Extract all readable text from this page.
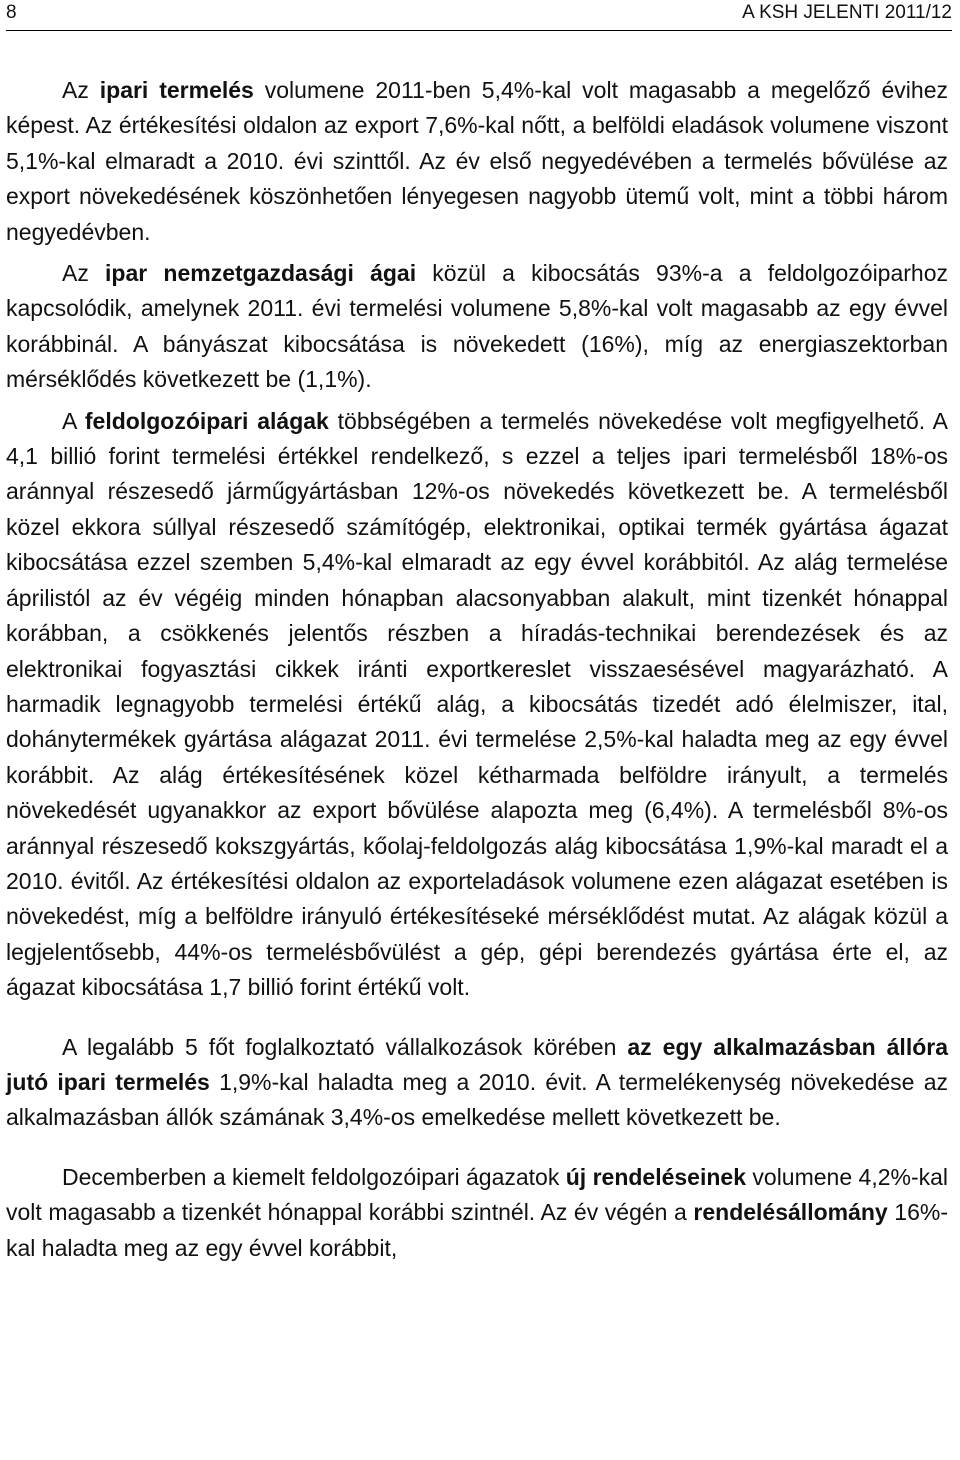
8	A KSH JELENTI 2011/12

Az ipari termelés volumene 2011-ben 5,4%-kal volt magasabb a megelőző évihez képest. Az értékesítési oldalon az export 7,6%-kal nőtt, a belföldi eladások volumene viszont 5,1%-kal elmaradt a 2010. évi szinttől. Az év első negyedévében a termelés bővülése az export növekedésének köszönhetően lényegesen nagyobb ütemű volt, mint a többi három negyedévben.

Az ipar nemzetgazdasági ágai közül a kibocsátás 93%-a a feldolgozóiparhoz kapcsolódik, amelynek 2011. évi termelési volumene 5,8%-kal volt magasabb az egy évvel korábbinál. A bányászat kibocsátása is növekedett (16%), míg az energiaszektorban mérséklődés következett be (1,1%).

A feldolgozóipari alágak többségében a termelés növekedése volt megfigyelhető. A 4,1 billió forint termelési értékkel rendelkező, s ezzel a teljes ipari termelésből 18%-os aránnyal részesedő járműgyártásban 12%-os növekedés következett be. A termelésből közel ekkora súllyal részesedő számítógép, elektronikai, optikai termék gyártása ágazat kibocsátása ezzel szemben 5,4%-kal elmaradt az egy évvel korábbitól. Az alág termelése áprilistól az év végéig minden hónapban alacsonyabban alakult, mint tizenkét hónappal korábban, a csökkenés jelentős részben a híradás-technikai berendezések és az elektronikai fogyasztási cikkek iránti exportkereslet visszaesésével magyarázható. A harmadik legnagyobb termelési értékű alág, a kibocsátás tizedét adó élelmiszer, ital, dohánytermékek gyártása alágazat 2011. évi termelése 2,5%-kal haladta meg az egy évvel korábbit. Az alág értékesítésének közel kétharmada belföldre irányult, a termelés növekedését ugyanakkor az export bővülése alapozta meg (6,4%). A termelésből 8%-os aránnyal részesedő kokszgyártás, kőolaj-feldolgozás alág kibocsátása 1,9%-kal maradt el a 2010. évitől. Az értékesítési oldalon az exporteladások volumene ezen alágazat esetében is növekedést, míg a belföldre irányuló értékesítéseké mérséklődést mutat. Az alágak közül a legjelentősebb, 44%-os termelésbővülést a gép, gépi berendezés gyártása érte el, az ágazat kibocsátása 1,7 billió forint értékű volt.

A legalább 5 főt foglalkoztató vállalkozások körében az egy alkalmazásban állóra jutó ipari termelés 1,9%-kal haladta meg a 2010. évit. A termelékenység növekedése az alkalmazásban állók számának 3,4%-os emelkedése mellett következett be.

Decemberben a kiemelt feldolgozóipari ágazatok új rendeléseinek volumene 4,2%-kal volt magasabb a tizenkét hónappal korábbi szintnél. Az év végén a rendelésállomány 16%-kal haladta meg az egy évvel korábbit,
